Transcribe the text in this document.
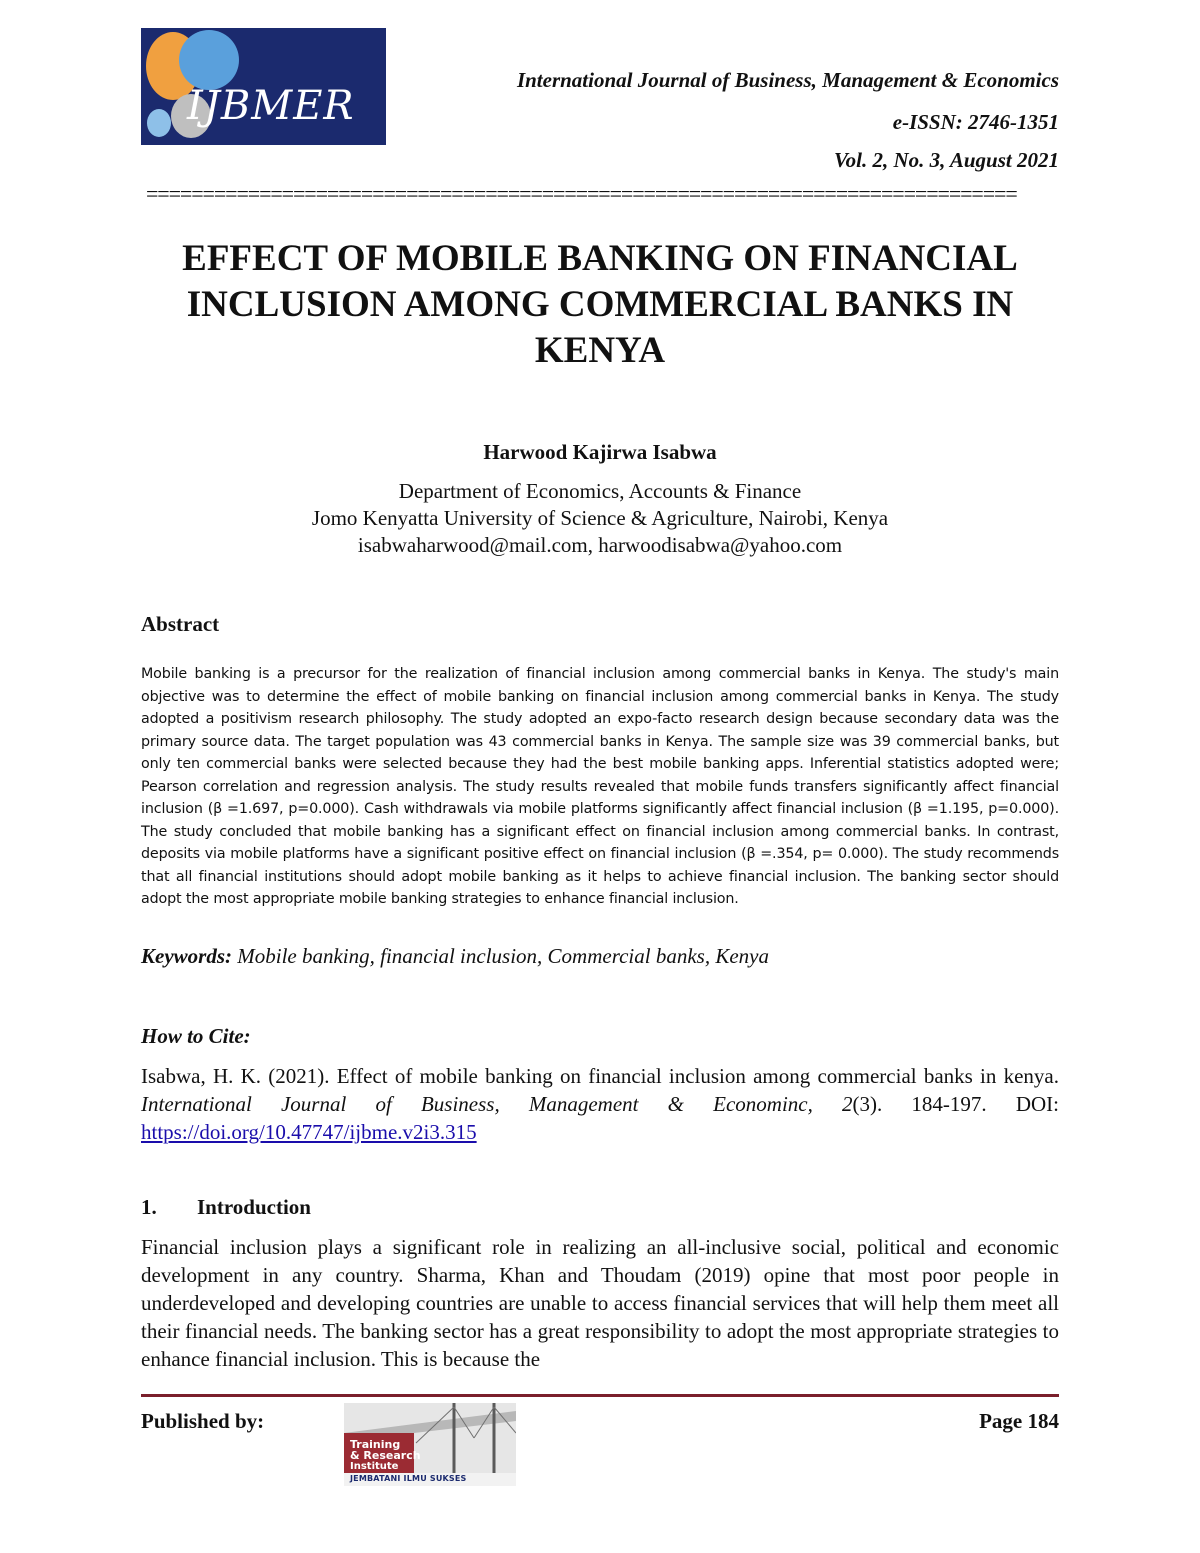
IJBMER
International Journal of Business, Management & Economics
e-ISSN: 2746-1351
Vol. 2, No. 3, August 2021
=============================================================================
EFFECT OF MOBILE BANKING ON FINANCIAL INCLUSION AMONG COMMERCIAL BANKS IN KENYA
Harwood Kajirwa Isabwa
Department of Economics, Accounts & Finance
Jomo Kenyatta University of Science & Agriculture, Nairobi, Kenya
isabwaharwood@mail.com, harwoodisabwa@yahoo.com
Abstract
Mobile banking is a precursor for the realization of financial inclusion among commercial banks in Kenya. The study's main objective was to determine the effect of mobile banking on financial inclusion among commercial banks in Kenya. The study adopted a positivism research philosophy. The study adopted an expo-facto research design because secondary data was the primary source data. The target population was 43 commercial banks in Kenya. The sample size was 39 commercial banks, but only ten commercial banks were selected because they had the best mobile banking apps. Inferential statistics adopted were; Pearson correlation and regression analysis. The study results revealed that mobile funds transfers significantly affect financial inclusion (β =1.697, p=0.000). Cash withdrawals via mobile platforms significantly affect financial inclusion (β =1.195, p=0.000). The study concluded that mobile banking has a significant effect on financial inclusion among commercial banks. In contrast, deposits via mobile platforms have a significant positive effect on financial inclusion (β =.354, p= 0.000). The study recommends that all financial institutions should adopt mobile banking as it helps to achieve financial inclusion. The banking sector should adopt the most appropriate mobile banking strategies to enhance financial inclusion.
Keywords: Mobile banking, financial inclusion, Commercial banks, Kenya
How to Cite:
Isabwa, H. K. (2021). Effect of mobile banking on financial inclusion among commercial banks in kenya. International Journal of Business, Management & Econominc, 2(3). 184-197. DOI: https://doi.org/10.47747/ijbme.v2i3.315
1. Introduction
Financial inclusion plays a significant role in realizing an all-inclusive social, political and economic development in any country. Sharma, Khan and Thoudam (2019) opine that most poor people in underdeveloped and developing countries are unable to access financial services that will help them meet all their financial needs. The banking sector has a great responsibility to adopt the most appropriate strategies to enhance financial inclusion. This is because the
Published by:
Training
& Research
Institute
JEMBATANI ILMU SUKSES
Page 184
